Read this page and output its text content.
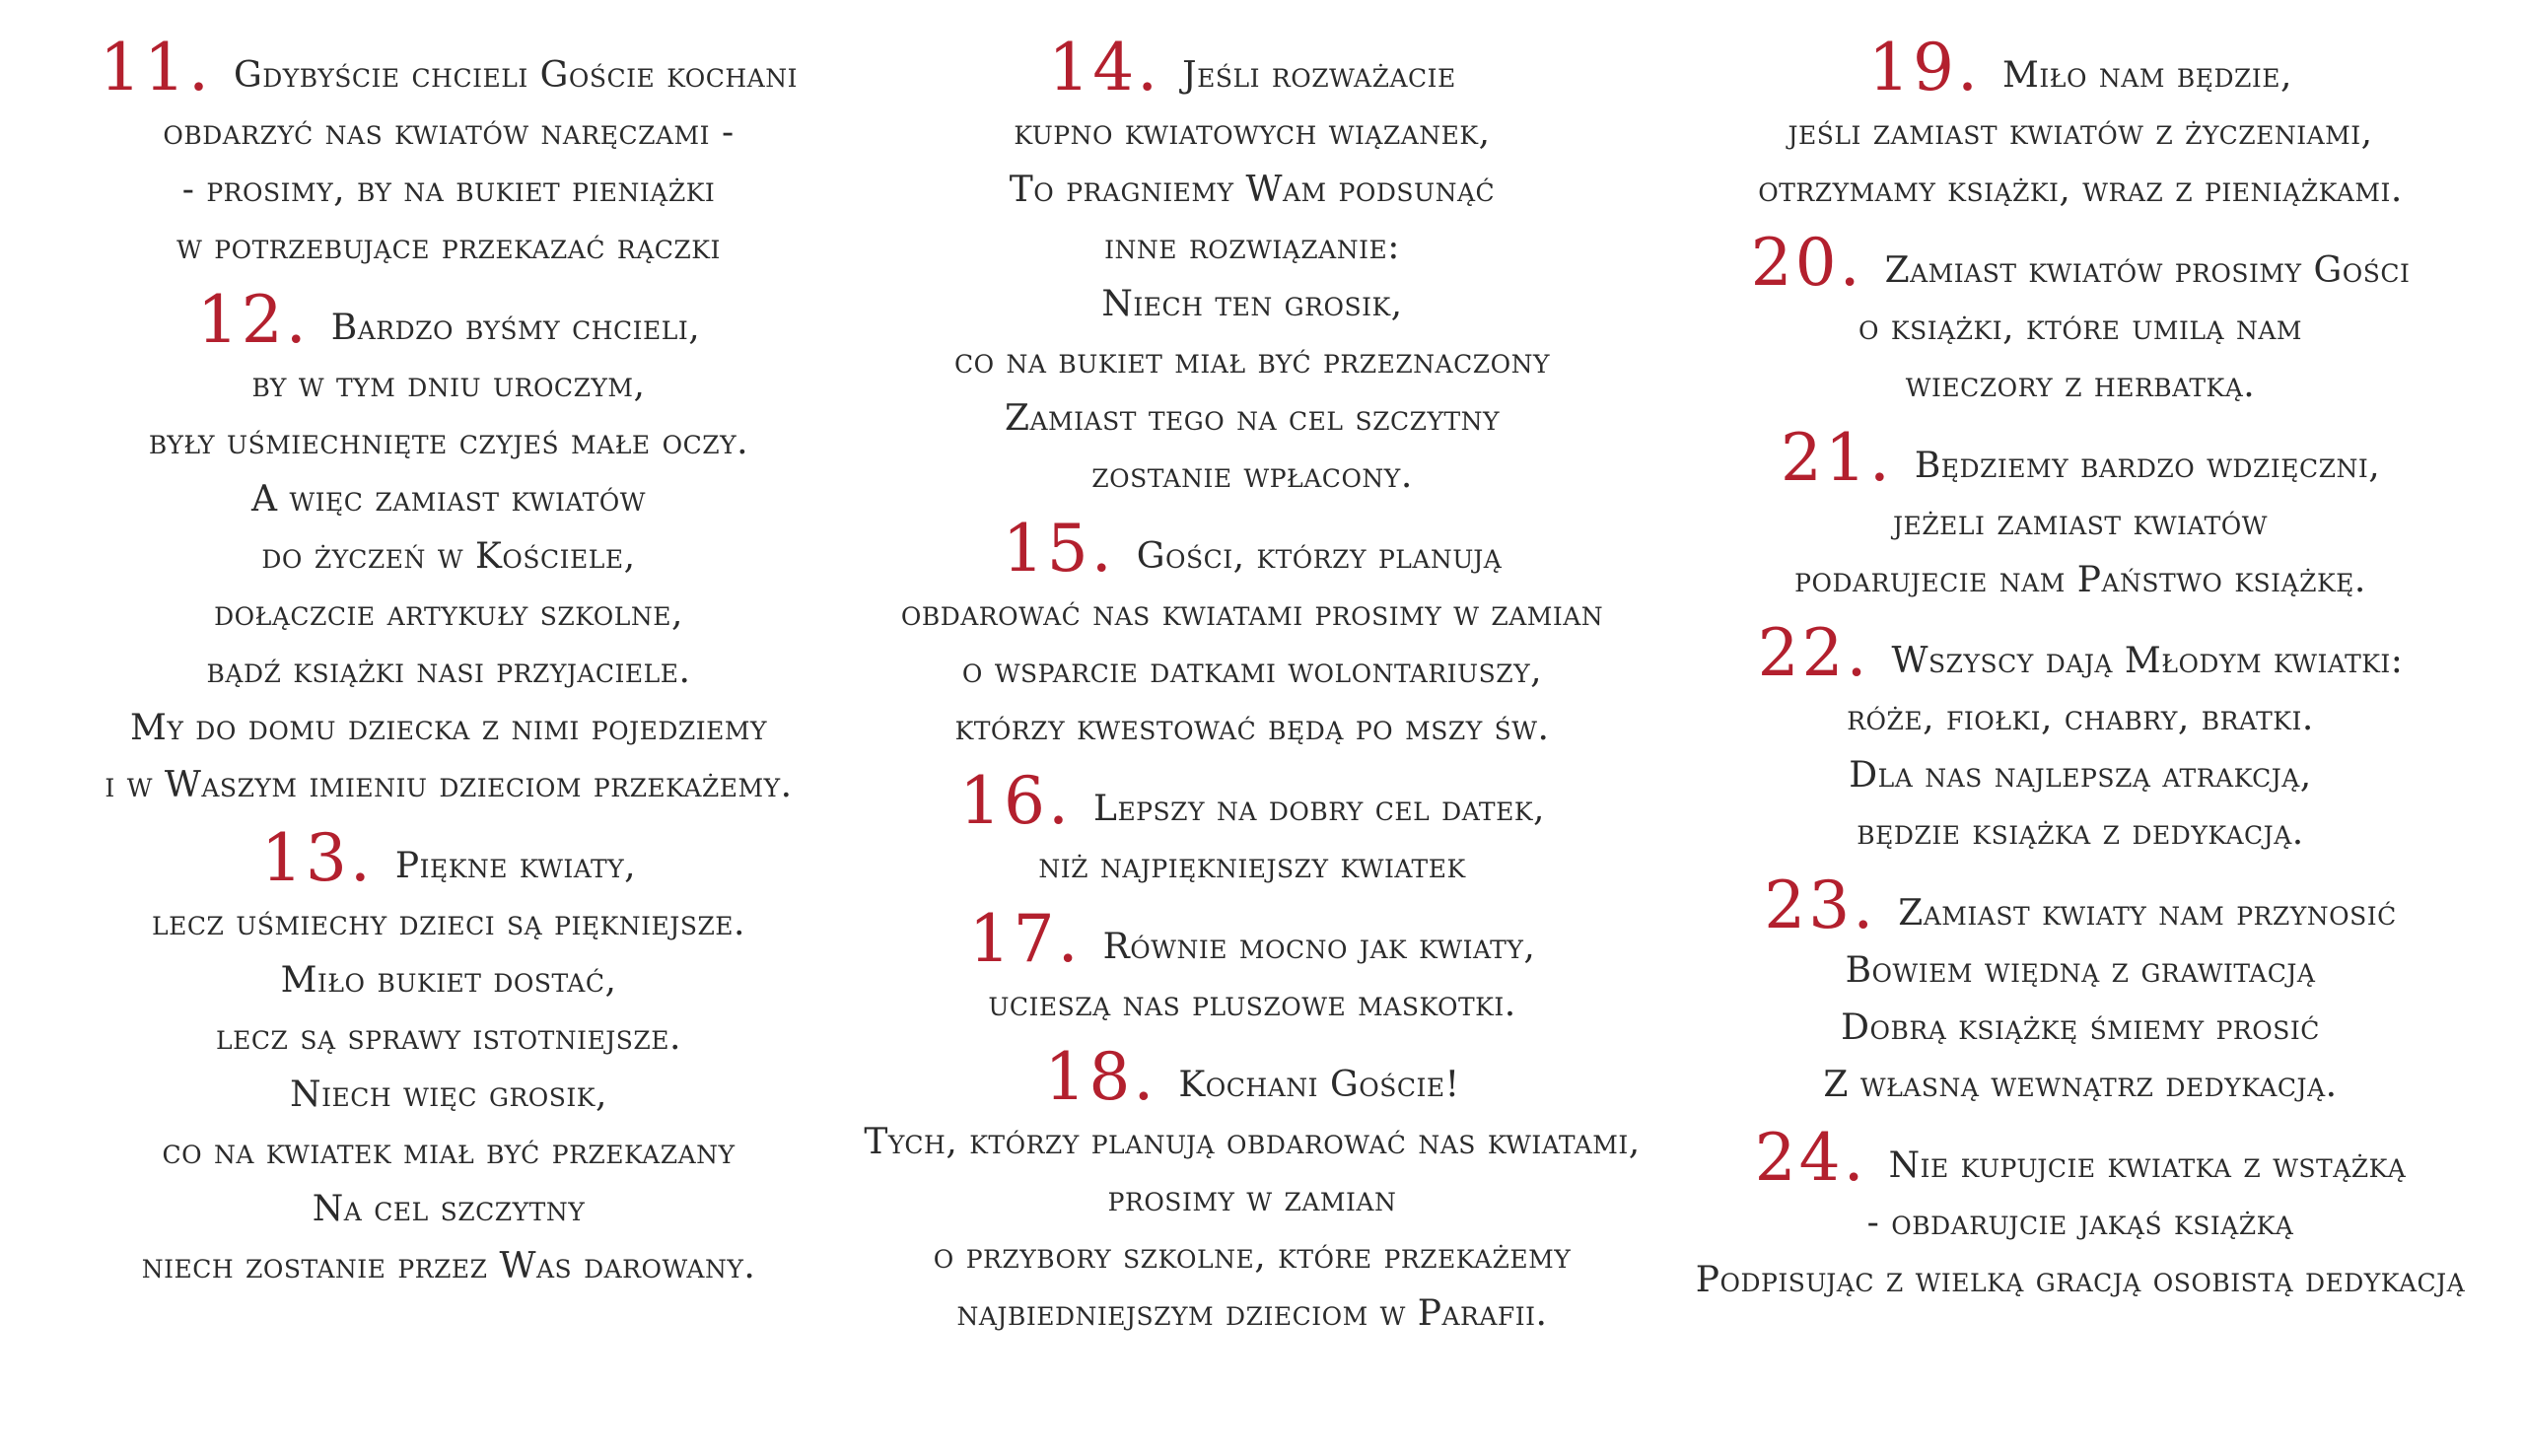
11. Gdybyście chcieli Goście kochani
obdarzyć nas kwiatów naręczami -
- prosimy, by na bukiet pieniążki
w potrzebujące przekazać rączki
12. Bardzo byśmy chcieli,
by w tym dniu uroczym,
były uśmiechnięte czyjeś małe oczy.
A więc zamiast kwiatów
do życzeń w Kościele,
dołączcie artykuły szkolne,
bądź książki nasi przyjaciele.
My do domu dziecka z nimi pojedziemy
i w Waszym imieniu dzieciom przekażemy.
13. Piękne kwiaty,
lecz uśmiechy dzieci są piękniejsze.
Miło bukiet dostać,
lecz są sprawy istotniejsze.
Niech więc grosik,
co na kwiatek miał być przekazany
Na cel szczytny
niech zostanie przez Was darowany.
14. Jeśli rozważacie
kupno kwiatowych wiązanek,
To pragniemy Wam podsunąć
inne rozwiązanie:
Niech ten grosik,
co na bukiet miał być przeznaczony
Zamiast tego na cel szczytny
zostanie wpłacony.
15. Gości, którzy planują
obdarować nas kwiatami prosimy w zamian
o wsparcie datkami wolontariuszy,
którzy kwestować będą po mszy św.
16. Lepszy na dobry cel datek,
niż najpiękniejszy kwiatek
17. Równie mocno jak kwiaty,
ucieszą nas pluszowe maskotki.
18. Kochani Goście!
Tych, którzy planują obdarować nas kwiatami,
prosimy w zamian
o przybory szkolne, które przekażemy
najbiedniejszym dzieciom w Parafii.
19. Miło nam będzie,
jeśli zamiast kwiatów z życzeniami,
otrzymamy książki, wraz z pieniążkami.
20. Zamiast kwiatów prosimy Gości
o książki, które umilą nam
wieczory z herbatką.
21. Będziemy bardzo wdzięczni,
jeżeli zamiast kwiatów
podarujecie nam Państwo książkę.
22. Wszyscy dają Młodym kwiatki:
róże, fiołki, chabry, bratki.
Dla nas najlepszą atrakcją,
będzie książka z dedykacją.
23. Zamiast kwiaty nam przynosić
Bowiem więdną z grawitacją
Dobrą książkę śmiemy prosić
Z własną wewnątrz dedykacją.
24. Nie kupujcie kwiatka z wstążką
- obdarujcie jakąś książką
Podpisując z wielką gracją osobistą dedykacją
